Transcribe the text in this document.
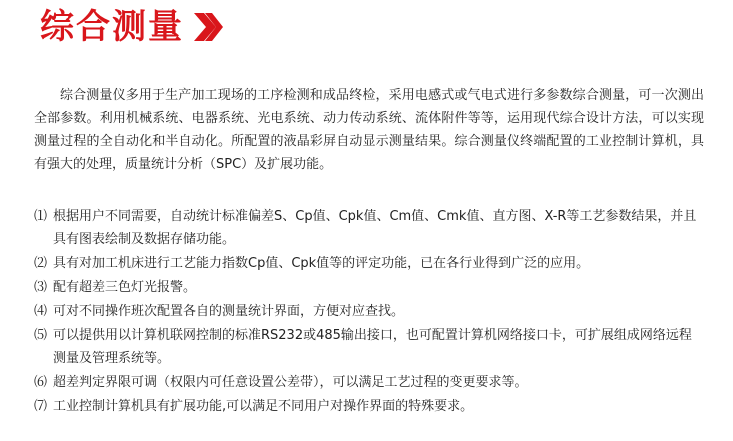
综合测量

综合测量仪多用于生产加工现场的工序检测和成品终检，采用电感式或气电式进行多参数综合测量，可一次测出全部参数。利用机械系统、电器系统、光电系统、动力传动系统、流体附件等等，运用现代综合设计方法，可以实现测量过程的全自动化和半自动化。所配置的液晶彩屏自动显示测量结果。综合测量仪终端配置的工业控制计算机，具有强大的处理，质量统计分析（SPC）及扩展功能。

⑴ 根据用户不同需要，自动统计标准偏差S、Cp值、Cpk值、Cm值、Cmk值、直方图、X-R等工艺参数结果，并且具有图表绘制及数据存储功能。
⑵ 具有对加工机床进行工艺能力指数Cp值、Cpk值等的评定功能，已在各行业得到广泛的应用。
⑶ 配有超差三色灯光报警。
⑷ 可对不同操作班次配置各自的测量统计界面，方便对应查找。
⑸ 可以提供用以计算机联网控制的标准RS232或485输出接口，也可配置计算机网络接口卡，可扩展组成网络远程测量及管理系统等。
⑹ 超差判定界限可调（权限内可任意设置公差带），可以满足工艺过程的变更要求等。
⑺ 工业控制计算机具有扩展功能,可以满足不同用户对操作界面的特殊要求。
